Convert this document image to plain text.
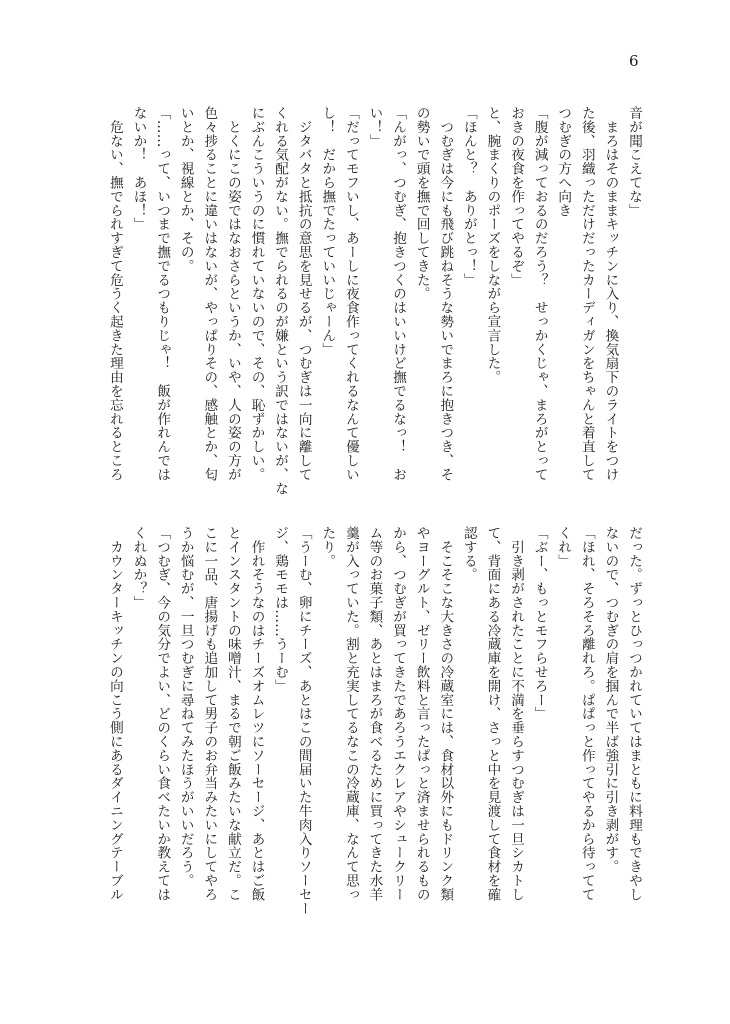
6
音が聞こえてな」
　まろはそのままキッチンに入り、換気扇下のライトをつけ
た後、羽織っただけだったカーディガンをちゃんと着直して
つむぎの方へ向き
「腹が減っておるのだろう？　せっかくじゃ、まろがとって
おきの夜食を作ってやるぞ」
と、腕まくりのポーズをしながら宣言した。
「ほんと？　ありがとっ！」
　つむぎは今にも飛び跳ねそうな勢いでまろに抱きつき、そ
の勢いで頭を撫で回してきた。
「んがっ、つむぎ、抱きつくのはいいけど撫でるなっ！　お
い！」
「だってモフいし、あーしに夜食作ってくれるなんて優しい
し！　だから撫でたっていいじゃーん」
　ジタバタと抵抗の意思を見せるが、つむぎは一向に離して
くれる気配がない。撫でられるのが嫌という訳ではないが、な
にぶんこういうのに慣れていないので、その、恥ずかしい。
　とくにこの姿ではなおさらというか、いや、人の姿の方が
色々捗ることに違いはないが、やっぱりその、感触とか、匂
いとか、視線とか、その。
「……って、いつまで撫でるつもりじゃ！　飯が作れんでは
ないか！　あほ！」
　危ない、撫でられすぎて危うく起きた理由を忘れるところ
だった。ずっとひっつかれていてはまともに料理もできやし
ないので、つむぎの肩を掴んで半ば強引に引き剥がす。
「ほれ、そろそろ離れろ。ぱぱっと作ってやるから待ってて
くれ」
「ぶー、もっとモフらせろー」
　引き剥がされたことに不満を垂らすつむぎは一旦シカトし
て、背面にある冷蔵庫を開け、さっと中を見渡して食材を確
認する。
　そこそこな大きさの冷蔵室には、食材以外にもドリンク類
やヨーグルト、ゼリー飲料と言ったぱっと済ませられるもの
から、つむぎが買ってきたであろうエクレアやシュークリー
ム等のお菓子類、あとはまろが食べるために買ってきた水羊
羹が入っていた。割と充実してるなこの冷蔵庫、なんて思っ
たり。
「うーむ、卵にチーズ、あとはこの間届いた牛肉入りソーセー
ジ、鶏モモは……うーむ」
　作れそうなのはチーズオムレツにソーセージ、あとはご飯
とインスタントの味噌汁、まるで朝ご飯みたいな献立だ。こ
こに一品、唐揚げも追加して男子のお弁当みたいにしてやろ
うか悩むが、一旦つむぎに尋ねてみたほうがいいだろう。
「つむぎ、今の気分でよい、どのくらい食べたいか教えては
くれぬか？」
　カウンターキッチンの向こう側にあるダイニングテーブル
